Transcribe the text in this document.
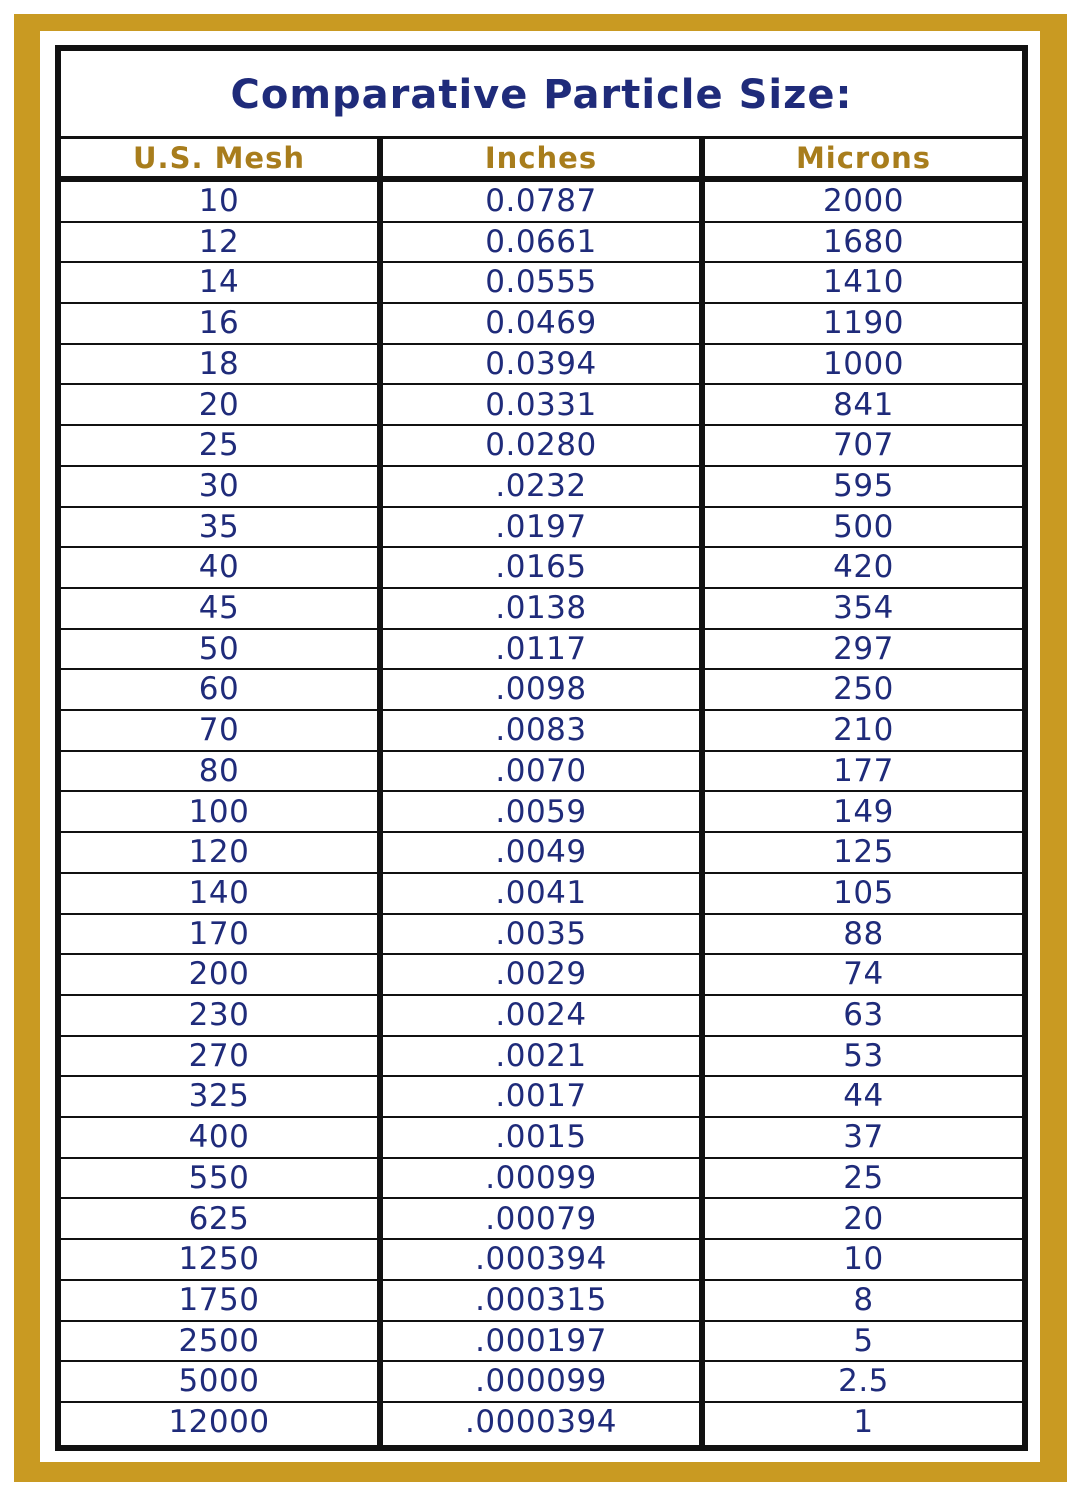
Comparative Particle Size:
U.S. Mesh	Inches	Microns
10	0.0787	2000
12	0.0661	1680
14	0.0555	1410
16	0.0469	1190
18	0.0394	1000
20	0.0331	841
25	0.0280	707
30	.0232	595
35	.0197	500
40	.0165	420
45	.0138	354
50	.0117	297
60	.0098	250
70	.0083	210
80	.0070	177
100	.0059	149
120	.0049	125
140	.0041	105
170	.0035	88
200	.0029	74
230	.0024	63
270	.0021	53
325	.0017	44
400	.0015	37
550	.00099	25
625	.00079	20
1250	.000394	10
1750	.000315	8
2500	.000197	5
5000	.000099	2.5
12000	.0000394	1
